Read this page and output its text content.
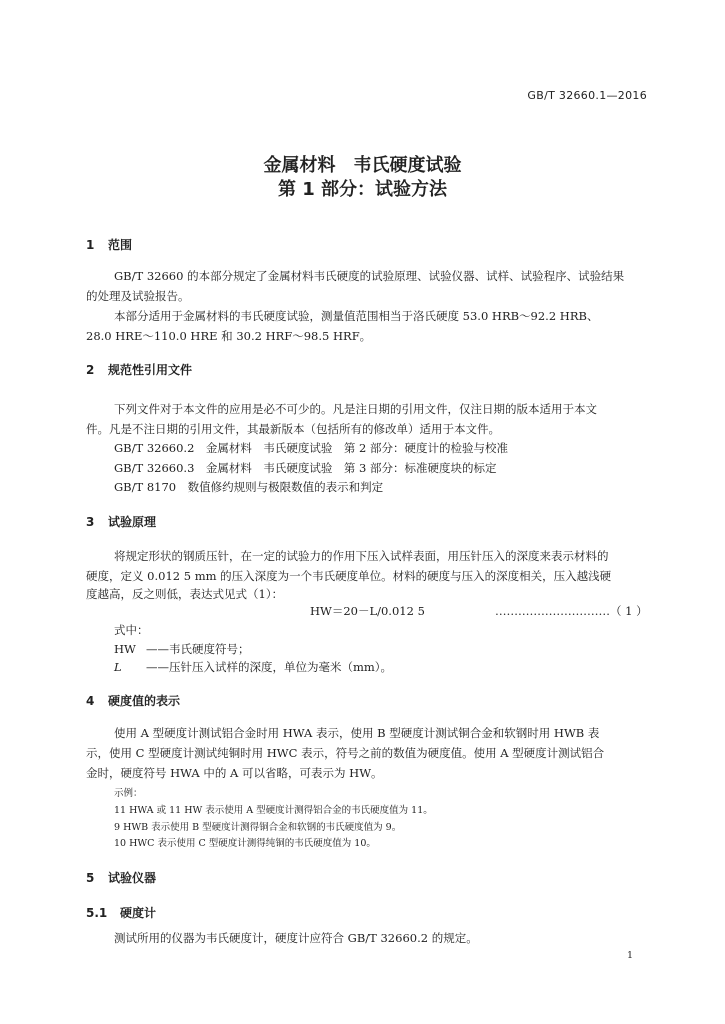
GB/T 32660.1—2016
金属材料　韦氏硬度试验
第 1 部分：试验方法
1 范围
GB/T 32660 的本部分规定了金属材料韦氏硬度的试验原理、试验仪器、试样、试验程序、试验结果
的处理及试验报告。
本部分适用于金属材料的韦氏硬度试验，测量值范围相当于洛氏硬度 53.0 HRB～92.2 HRB、
28.0 HRE～110.0 HRE 和 30.2 HRF～98.5 HRF。
2 规范性引用文件
下列文件对于本文件的应用是必不可少的。凡是注日期的引用文件，仅注日期的版本适用于本文
件。凡是不注日期的引用文件，其最新版本（包括所有的修改单）适用于本文件。
GB/T 32660.2　金属材料　韦氏硬度试验　第 2 部分：硬度计的检验与校准
GB/T 32660.3　金属材料　韦氏硬度试验　第 3 部分：标准硬度块的标定
GB/T 8170　数值修约规则与极限数值的表示和判定
3 试验原理
将规定形状的钢质压针，在一定的试验力的作用下压入试样表面，用压针压入的深度来表示材料的
硬度，定义 0.012 5 mm 的压入深度为一个韦氏硬度单位。材料的硬度与压入的深度相关，压入越浅硬
度越高，反之则低，表达式见式（1）：
HW＝20－L/0.012 5	…………………………（ 1 ）
式中：
HW ——韦氏硬度符号；
L ——压针压入试样的深度，单位为毫米（mm）。
4 硬度值的表示
使用 A 型硬度计测试铝合金时用 HWA 表示，使用 B 型硬度计测试铜合金和软钢时用 HWB 表
示，使用 C 型硬度计测试纯铜时用 HWC 表示，符号之前的数值为硬度值。使用 A 型硬度计测试铝合
金时，硬度符号 HWA 中的 A 可以省略，可表示为 HW。
示例：
11 HWA 或 11 HW 表示使用 A 型硬度计测得铝合金的韦氏硬度值为 11。
9 HWB 表示使用 B 型硬度计测得铜合金和软钢的韦氏硬度值为 9。
10 HWC 表示使用 C 型硬度计测得纯铜的韦氏硬度值为 10。
5 试验仪器
5.1 硬度计
测试所用的仪器为韦氏硬度计，硬度计应符合 GB/T 32660.2 的规定。
1
